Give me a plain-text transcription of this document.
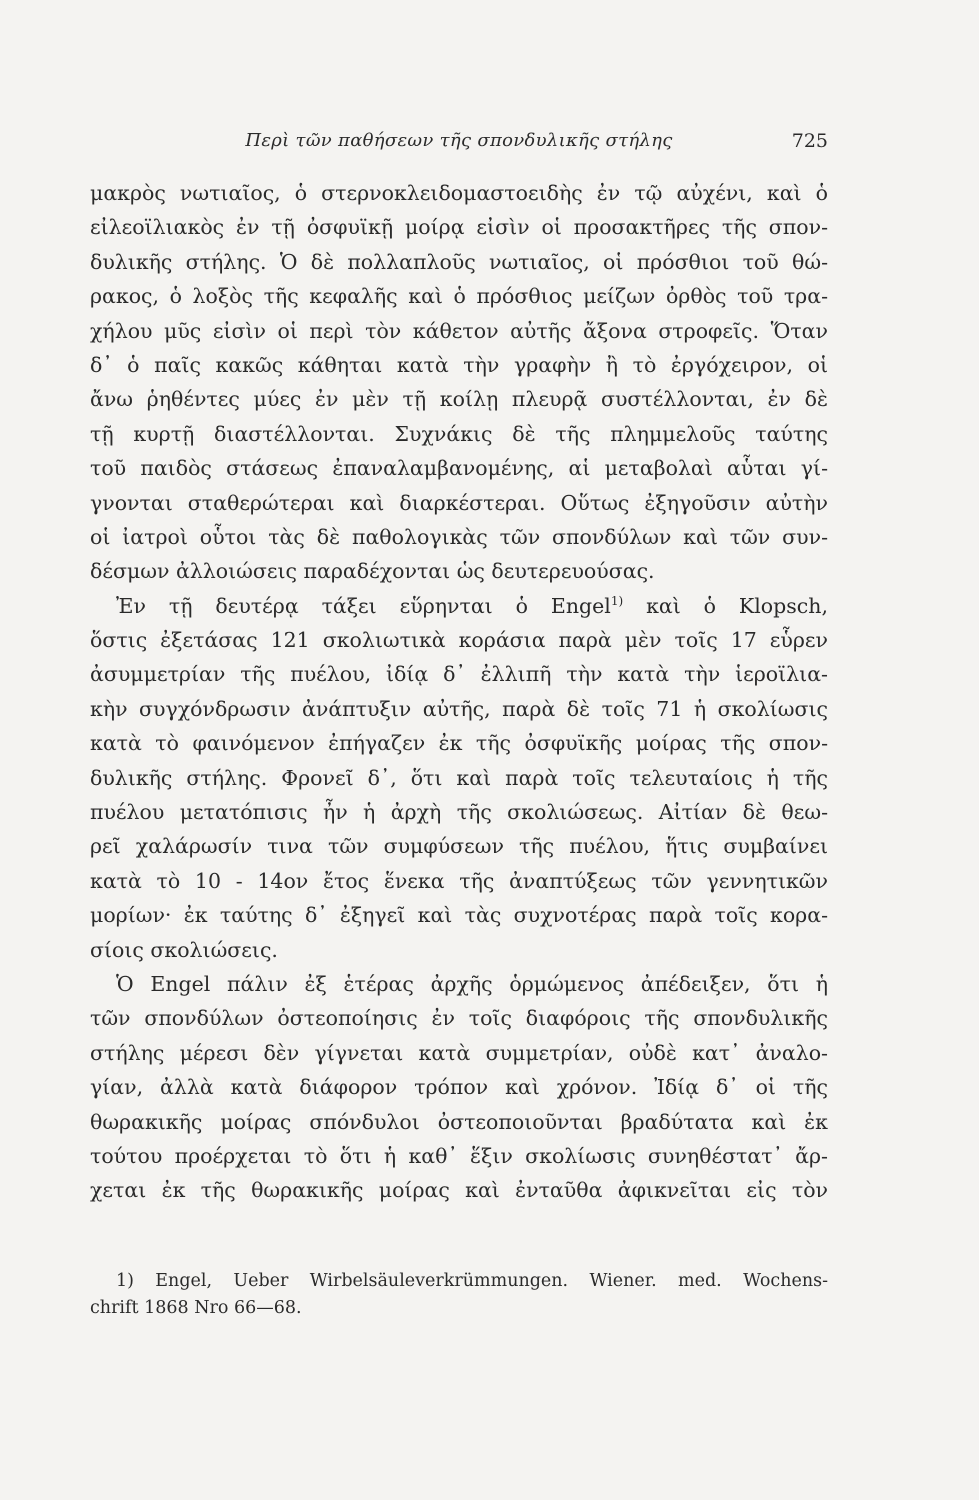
Περὶ τῶν παθήσεων τῆς σπονδυλικῆς στήλης	725
μακρὸς νωτιαῖος, ὁ στερνοκλειδομαστοειδὴς ἐν τῷ αὐχένι, καὶ ὁ
εἰλεοϊλιακὸς ἐν τῇ ὀσφυϊκῇ μοίρᾳ εἰσὶν οἱ προσακτῆρες τῆς σπον-
δυλικῆς στήλης. Ὁ δὲ πολλαπλοῦς νωτιαῖος, οἱ πρόσθιοι τοῦ θώ-
ρακος, ὁ λοξὸς τῆς κεφαλῆς καὶ ὁ πρόσθιος μείζων ὀρθὸς τοῦ τρα-
χήλου μῦς εἰσὶν οἱ περὶ τὸν κάθετον αὐτῆς ἄξονα στροφεῖς. Ὅταν
δ᾽ ὁ παῖς κακῶς κάθηται κατὰ τὴν γραφὴν ἢ τὸ ἐργόχειρον, οἱ
ἄνω ῥηθέντες μύες ἐν μὲν τῇ κοίλῃ πλευρᾷ συστέλλονται, ἐν δὲ
τῇ κυρτῇ διαστέλλονται. Συχνάκις δὲ τῆς πλημμελοῦς ταύτης
τοῦ παιδὸς στάσεως ἐπαναλαμβανομένης, αἱ μεταβολαὶ αὗται γί-
γνονται σταθερώτεραι καὶ διαρκέστεραι. Οὕτως ἐξηγοῦσιν αὐτὴν
οἱ ἰατροὶ οὗτοι τὰς δὲ παθολογικὰς τῶν σπονδύλων καὶ τῶν συν-
δέσμων ἀλλοιώσεις παραδέχονται ὡς δευτερευούσας.
Ἐν τῇ δευτέρᾳ τάξει εὕρηνται ὁ Engel$^{1)}$ καὶ ὁ Klopsch,
ὅστις ἐξετάσας 121 σκολιωτικὰ κοράσια παρὰ μὲν τοῖς 17 εὗρεν
ἀσυμμετρίαν τῆς πυέλου, ἰδίᾳ δ᾽ ἐλλιπῆ τὴν κατὰ τὴν ἱεροϊλια-
κὴν συγχόνδρωσιν ἀνάπτυξιν αὐτῆς, παρὰ δὲ τοῖς 71 ἡ σκολίωσις
κατὰ τὸ φαινόμενον ἐπήγαζεν ἐκ τῆς ὀσφυϊκῆς μοίρας τῆς σπον-
δυλικῆς στήλης. Φρονεῖ δ᾽, ὅτι καὶ παρὰ τοῖς τελευταίοις ἡ τῆς
πυέλου μετατόπισις ἦν ἡ ἀρχὴ τῆς σκολιώσεως. Αἰτίαν δὲ θεω-
ρεῖ χαλάρωσίν τινα τῶν συμφύσεων τῆς πυέλου, ἥτις συμβαίνει
κατὰ τὸ 10 - 14ον ἔτος ἕνεκα τῆς ἀναπτύξεως τῶν γεννητικῶν
μορίων· ἐκ ταύτης δ᾽ ἐξηγεῖ καὶ τὰς συχνοτέρας παρὰ τοῖς κορα-
σίοις σκολιώσεις.
Ὁ Engel πάλιν ἐξ ἑτέρας ἀρχῆς ὁρμώμενος ἀπέδειξεν, ὅτι ἡ
τῶν σπονδύλων ὀστεοποίησις ἐν τοῖς διαφόροις τῆς σπονδυλικῆς
στήλης μέρεσι δὲν γίγνεται κατὰ συμμετρίαν, οὐδὲ κατ᾽ ἀναλο-
γίαν, ἀλλὰ κατὰ διάφορον τρόπον καὶ χρόνον. Ἰδίᾳ δ᾽ οἱ τῆς
θωρακικῆς μοίρας σπόνδυλοι ὀστεοποιοῦνται βραδύτατα καὶ ἐκ
τούτου προέρχεται τὸ ὅτι ἡ καθ᾽ ἕξιν σκολίωσις συνηθέστατ᾽ ἄρ-
χεται ἐκ τῆς θωρακικῆς μοίρας καὶ ἐνταῦθα ἀφικνεῖται εἰς τὸν
1) Engel, Ueber Wirbelsäuleverkrümmungen. Wiener. med. Wochens-
chrift 1868 Nro 66—68.
